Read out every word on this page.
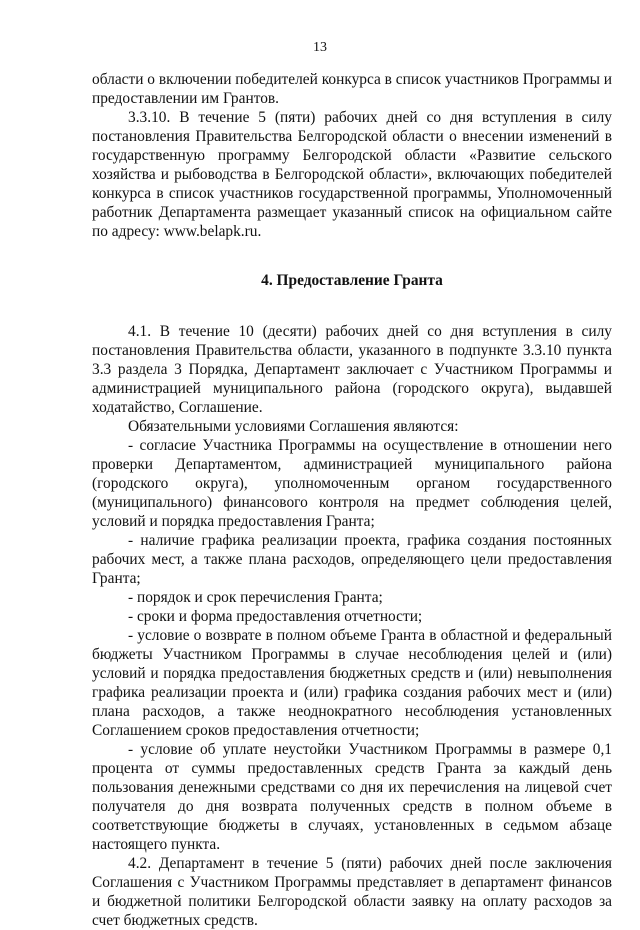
13

области о включении победителей конкурса в список участников Программы и предоставлении им Грантов.

3.3.10. В течение 5 (пяти) рабочих дней со дня вступления в силу постановления Правительства Белгородской области о внесении изменений в государственную программу Белгородской области «Развитие сельского хозяйства и рыбоводства в Белгородской области», включающих победителей конкурса в список участников государственной программы, Уполномоченный работник Департамента размещает указанный список на официальном сайте по адресу: www.belapk.ru.

4. Предоставление Гранта

4.1. В течение 10 (десяти) рабочих дней со дня вступления в силу постановления Правительства области, указанного в подпункте 3.3.10 пункта 3.3 раздела 3 Порядка, Департамент заключает с Участником Программы и администрацией муниципального района (городского округа), выдавшей ходатайство, Соглашение.

Обязательными условиями Соглашения являются:

- согласие Участника Программы на осуществление в отношении него проверки Департаментом, администрацией муниципального района (городского округа), уполномоченным органом государственного (муниципального) финансового контроля на предмет соблюдения целей, условий и порядка предоставления Гранта;

- наличие графика реализации проекта, графика создания постоянных рабочих мест, а также плана расходов, определяющего цели предоставления Гранта;

- порядок и срок перечисления Гранта;

- сроки и форма предоставления отчетности;

- условие о возврате в полном объеме Гранта в областной и федеральный бюджеты Участником Программы в случае несоблюдения целей и (или) условий и порядка предоставления бюджетных средств и (или) невыполнения графика реализации проекта и (или) графика создания рабочих мест и (или) плана расходов, а также неоднократного несоблюдения установленных Соглашением сроков предоставления отчетности;

- условие об уплате неустойки Участником Программы в размере 0,1 процента от суммы предоставленных средств Гранта за каждый день пользования денежными средствами со дня их перечисления на лицевой счет получателя до дня возврата полученных средств в полном объеме в соответствующие бюджеты в случаях, установленных в седьмом абзаце настоящего пункта.

4.2. Департамент в течение 5 (пяти) рабочих дней после заключения Соглашения с Участником Программы представляет в департамент финансов и бюджетной политики Белгородской области заявку на оплату расходов за счет бюджетных средств.
